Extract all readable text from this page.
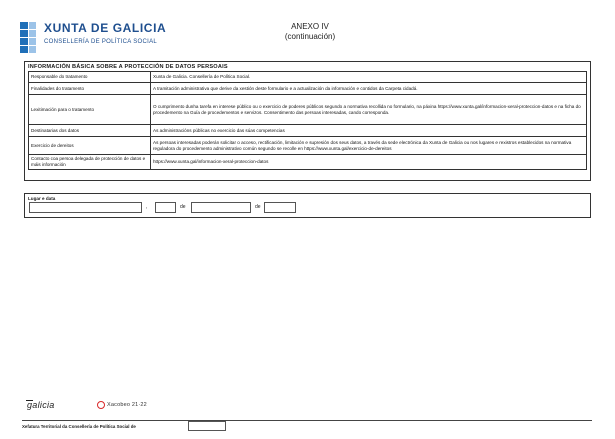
XUNTA DE GALICIA
CONSELLERÍA DE POLÍTICA SOCIAL
ANEXO IV
(continuación)
INFORMACIÓN BÁSICA SOBRE A PROTECCIÓN DE DATOS PERSOAIS
Responsable do tratamento	Xunta de Galicia. Consellería de Política Social.
Finalidades do tratamento	A tramitación administrativa que derive da xestión deste formulario e a actualización da información e contidos da Carpeta cidadá.
Lexitimación para o tratamento	O cumprimento dunha tarefa en interese público ou o exercicio de poderes públicos segundo a normativa recollida no formulario, na páxina https://www.xunta.gal/informacion-xeral-proteccion-datos e na ficha do procedemento na Guía de procedementos e servizos. Consentimento das persoas interesadas, cando corresponda.
Destinatarias dos datos	As administracións públicas no exercicio das súas competencias
Exercicio de dereitos	As persoas interesadas poderán solicitar o acceso, rectificación, limitación e supresión dos seus datos, a través da sede electrónica da Xunta de Galicia ou nos lugares e rexistros establecidos na normativa reguladora do procedemento administrativo común segundo se recolle en https://www.xunta.gal/exercicio-de-dereitos
Contacto coa persoa delegada de protección de datos e máis información	https://www.xunta.gal/informacion-xeral-proteccion-datos
Lugar e data
,	de	de
galicia	Xacobeo 21·22
Xefatura Territorial da Consellería de Política Social de
